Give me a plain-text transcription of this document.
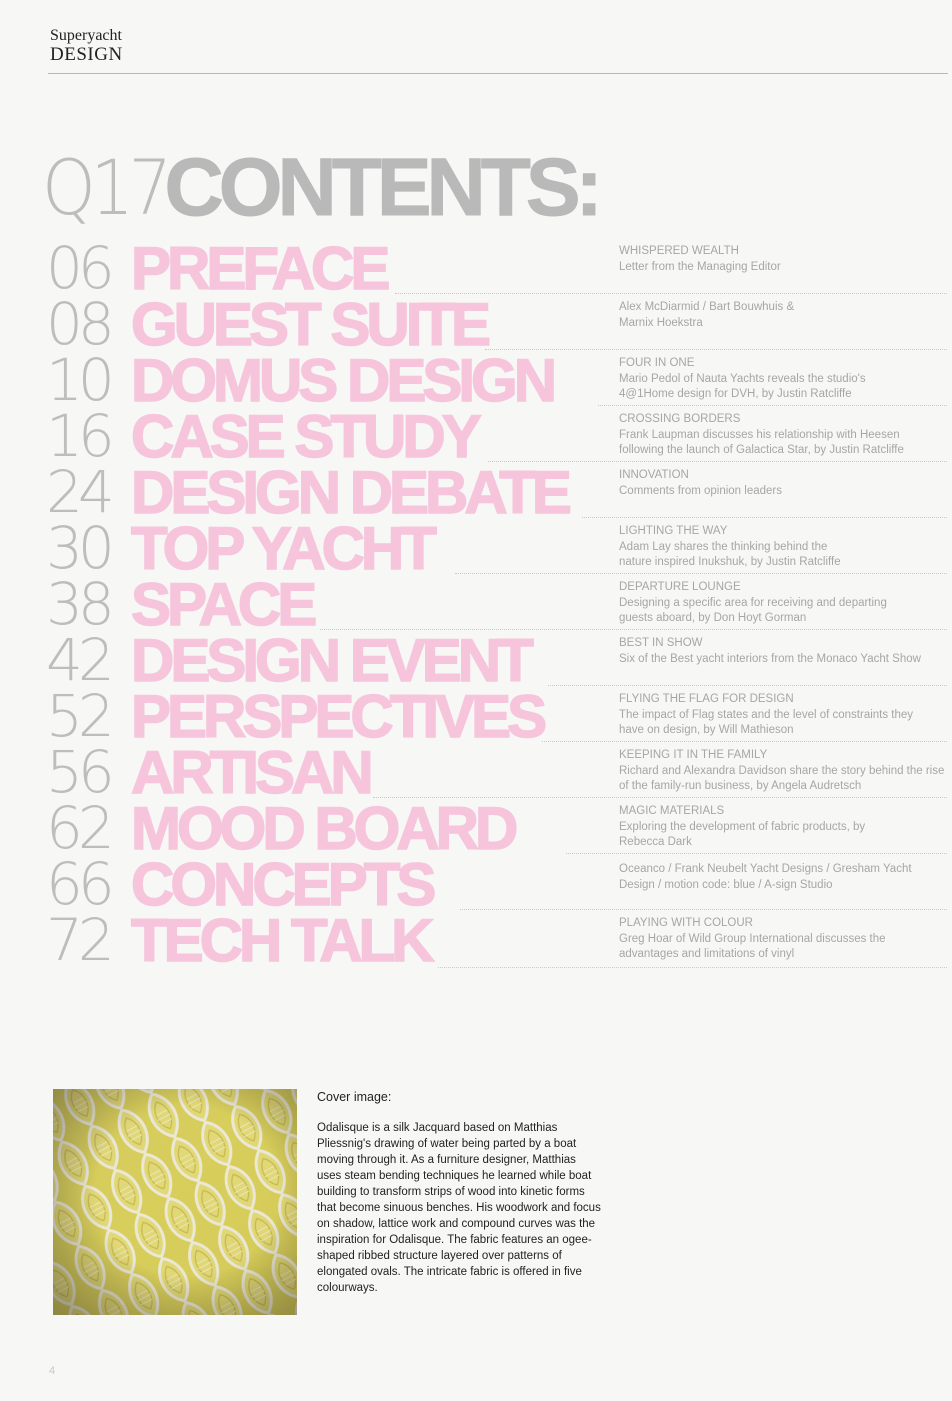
Superyacht
DESIGN
Q17CONTENTS:
06 PREFACE	WHISPERED WEALTH
Letter from the Managing Editor
08 GUEST SUITE	Alex McDiarmid / Bart Bouwhuis & Marnix Hoekstra
10 DOMUS DESIGN	FOUR IN ONE
Mario Pedol of Nauta Yachts reveals the studio's 4@1Home design for DVH, by Justin Ratcliffe
16 CASE STUDY	CROSSING BORDERS
Frank Laupman discusses his relationship with Heesen following the launch of Galactica Star, by Justin Ratcliffe
24 DESIGN DEBATE	INNOVATION
Comments from opinion leaders
30 TOP YACHT	LIGHTING THE WAY
Adam Lay shares the thinking behind the nature inspired Inukshuk, by Justin Ratcliffe
38 SPACE	DEPARTURE LOUNGE
Designing a specific area for receiving and departing guests aboard, by Don Hoyt Gorman
42 DESIGN EVENT	BEST IN SHOW
Six of the Best yacht interiors from the Monaco Yacht Show
52 PERSPECTIVES	FLYING THE FLAG FOR DESIGN
The impact of Flag states and the level of constraints they have on design, by Will Mathieson
56 ARTISAN	KEEPING IT IN THE FAMILY
Richard and Alexandra Davidson share the story behind the rise of the family-run business, by Angela Audretsch
62 MOOD BOARD	MAGIC MATERIALS
Exploring the development of fabric products, by Rebecca Dark
66 CONCEPTS	Oceanco / Frank Neubelt Yacht Designs / Gresham Yacht Design / motion code: blue / A-sign Studio
72 TECH TALK	PLAYING WITH COLOUR
Greg Hoar of Wild Group International discusses the advantages and limitations of vinyl
Cover image:
Odalisque is a silk Jacquard based on Matthias Pliessnig's drawing of water being parted by a boat moving through it. As a furniture designer, Matthias uses steam bending techniques he learned while boat building to transform strips of wood into kinetic forms that become sinuous benches. His woodwork and focus on shadow, lattice work and compound curves was the inspiration for Odalisque. The fabric features an ogee-shaped ribbed structure layered over patterns of elongated ovals. The intricate fabric is offered in five colourways.
4
